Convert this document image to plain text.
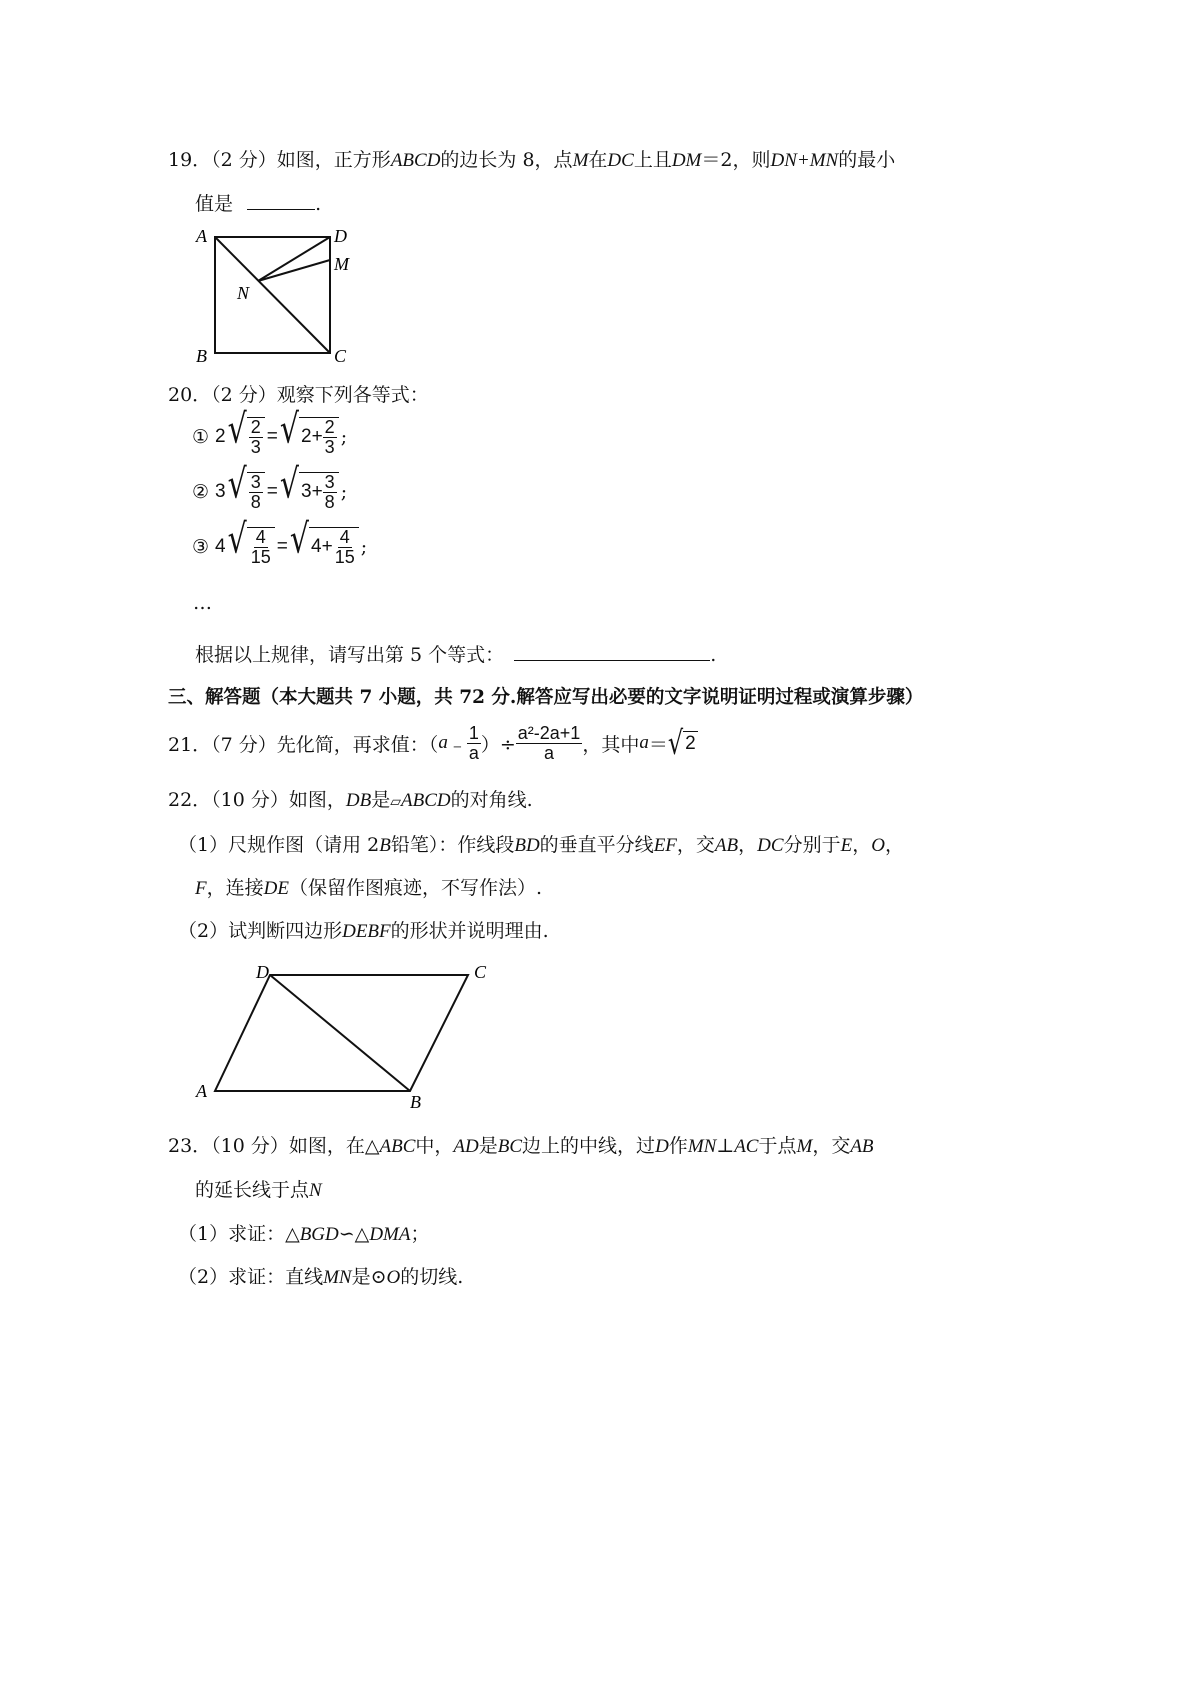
19．（2 分）如图，正方形ABCD的边长为 8，点M在DC上且DM＝2，则DN+MN的最小
值是	.
A	D
M
N
B	C
20．（2 分）观察下列各等式：
① 2 √ $\frac{2}{3}$ = √ $2+ \frac{2}{3}$ ;
② 3 √ $\frac{3}{8}$ = √ $3+ \frac{3}{8}$ ;
③ 4 √ $\frac{4}{15}$ = √ $4+ \frac{4}{15}$ ;
…
根据以上规律，请写出第 5 个等式：	.
三、解答题（本大题共 7 小题，共 72 分.解答应写出必要的文字说明证明过程或演算步骤）
21．（7 分）先化简，再求值：（ a ﹣ $\frac{1}{a}$ ）÷ $\frac{\text{a²-2a+1}}{a}$ ，其中 a ＝ √ 2
22．（10 分）如图，DB是▱ABCD的对角线.
（1）尺规作图（请用 2B铅笔）：作线段BD的垂直平分线EF，交AB，DC分别于E，O，
F，连接DE（保留作图痕迹，不写作法）.
（2）试判断四边形DEBF的形状并说明理由.
D	C
A
B
23．（10 分）如图，在△ABC中，AD是BC边上的中线，过D作MN⊥AC于点M，交AB
的延长线于点N
（1）求证：△BGD∽△DMA；
（2）求证：直线MN是⊙O的切线.
